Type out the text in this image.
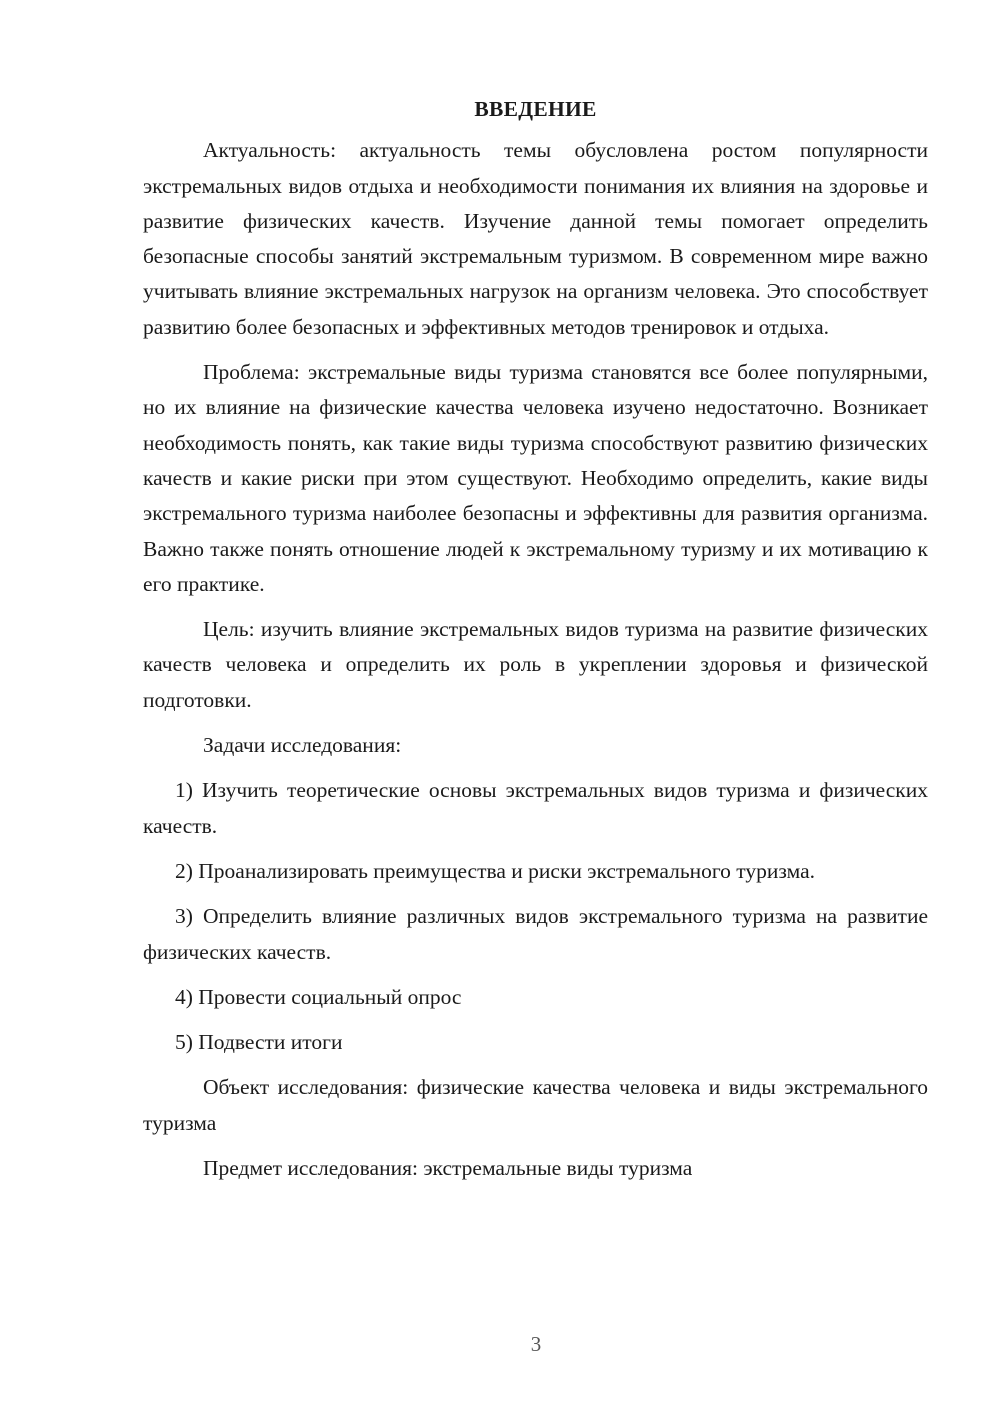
ВВЕДЕНИЕ

Актуальность: актуальность темы обусловлена ростом популярности экстремальных видов отдыха и необходимости понимания их влияния на здоровье и развитие физических качеств. Изучение данной темы помогает определить безопасные способы занятий экстремальным туризмом. В современном мире важно учитывать влияние экстремальных нагрузок на организм человека. Это способствует развитию более безопасных и эффективных методов тренировок и отдыха.

Проблема: экстремальные виды туризма становятся все более популярными, но их влияние на физические качества человека изучено недостаточно. Возникает необходимость понять, как такие виды туризма способствуют развитию физических качеств и какие риски при этом существуют. Необходимо определить, какие виды экстремального туризма наиболее безопасны и эффективны для развития организма. Важно также понять отношение людей к экстремальному туризму и их мотивацию к его практике.

Цель: изучить влияние экстремальных видов туризма на развитие физических качеств человека и определить их роль в укреплении здоровья и физической подготовки.

Задачи исследования:

1) Изучить теоретические основы экстремальных видов туризма и физических качеств.

2) Проанализировать преимущества и риски экстремального туризма.

3) Определить влияние различных видов экстремального туризма на развитие физических качеств.

4) Провести социальный опрос

5) Подвести итоги

Объект исследования: физические качества человека и виды экстремального туризма

Предмет исследования: экстремальные виды туризма

3
